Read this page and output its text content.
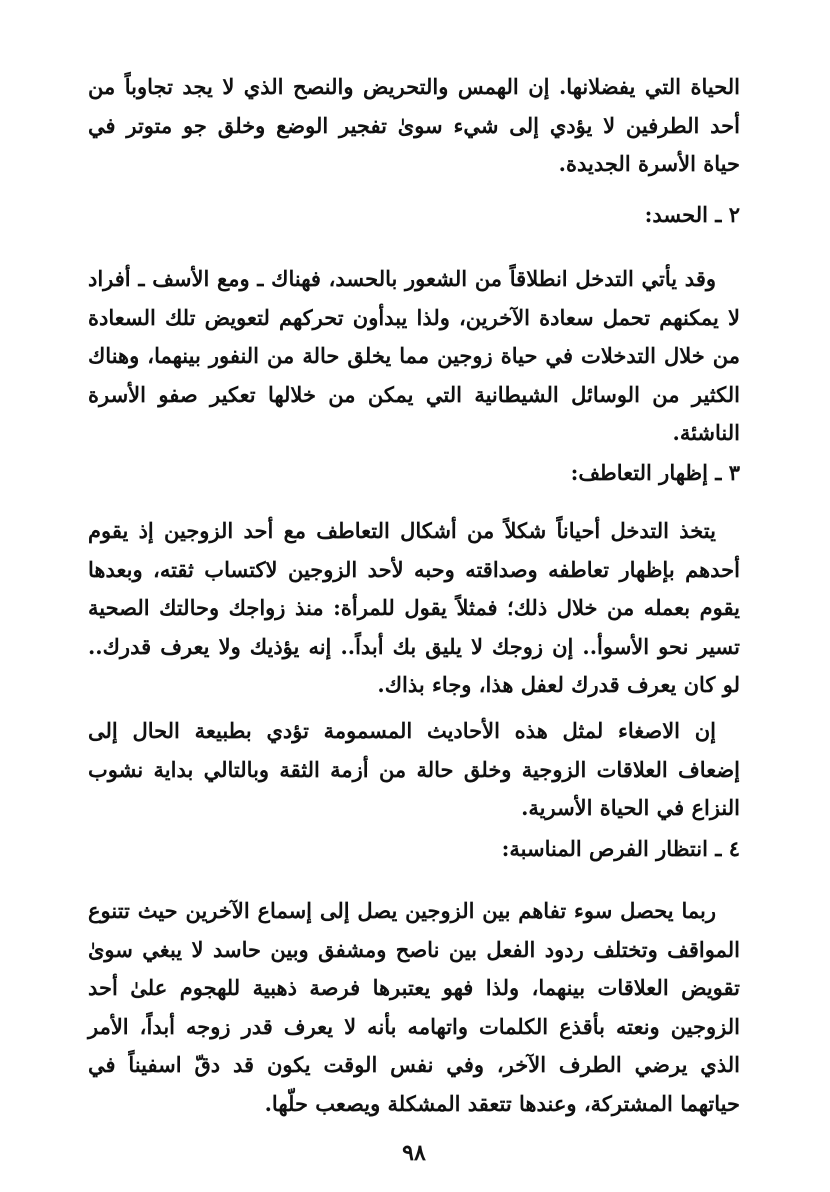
الحياة التي يفضلانها. إن الهمس والتحريض والنصح الذي لا يجد تجاوباً من أحد الطرفين لا يؤدي إلى شيء سوىٰ تفجير الوضع وخلق جو متوتر في حياة الأسرة الجديدة.

٢ ـ الحسد:

وقد يأتي التدخل انطلاقاً من الشعور بالحسد، فهناك ـ ومع الأسف ـ أفراد لا يمكنهم تحمل سعادة الآخرين، ولذا يبدأون تحركهم لتعويض تلك السعادة من خلال التدخلات في حياة زوجين مما يخلق حالة من النفور بينهما، وهناك الكثير من الوسائل الشيطانية التي يمكن من خلالها تعكير صفو الأسرة الناشئة.

٣ ـ إظهار التعاطف:

يتخذ التدخل أحياناً شكلاً من أشكال التعاطف مع أحد الزوجين إذ يقوم أحدهم بإظهار تعاطفه وصداقته وحبه لأحد الزوجين لاكتساب ثقته، وبعدها يقوم بعمله من خلال ذلك؛ فمثلاً يقول للمرأة: منذ زواجك وحالتك الصحية تسير نحو الأسوأ.. إن زوجك لا يليق بك أبداً.. إنه يؤذيك ولا يعرف قدرك.. لو كان يعرف قدرك لعفل هذا، وجاء بذاك.

إن الاصغاء لمثل هذه الأحاديث المسمومة تؤدي بطبيعة الحال إلى إضعاف العلاقات الزوجية وخلق حالة من أزمة الثقة وبالتالي بداية نشوب النزاع في الحياة الأسرية.

٤ ـ انتظار الفرص المناسبة:

ربما يحصل سوء تفاهم بين الزوجين يصل إلى إسماع الآخرين حيث تتنوع المواقف وتختلف ردود الفعل بين ناصح ومشفق وبين حاسد لا يبغي سوىٰ تقويض العلاقات بينهما، ولذا فهو يعتبرها فرصة ذهبية للهجوم علىٰ أحد الزوجين ونعته بأقذع الكلمات واتهامه بأنه لا يعرف قدر زوجه أبداً، الأمر الذي يرضي الطرف الآخر، وفي نفس الوقت يكون قد دقّ اسفيناً في حياتهما المشتركة، وعندها تتعقد المشكلة ويصعب حلّها.

٩٨
